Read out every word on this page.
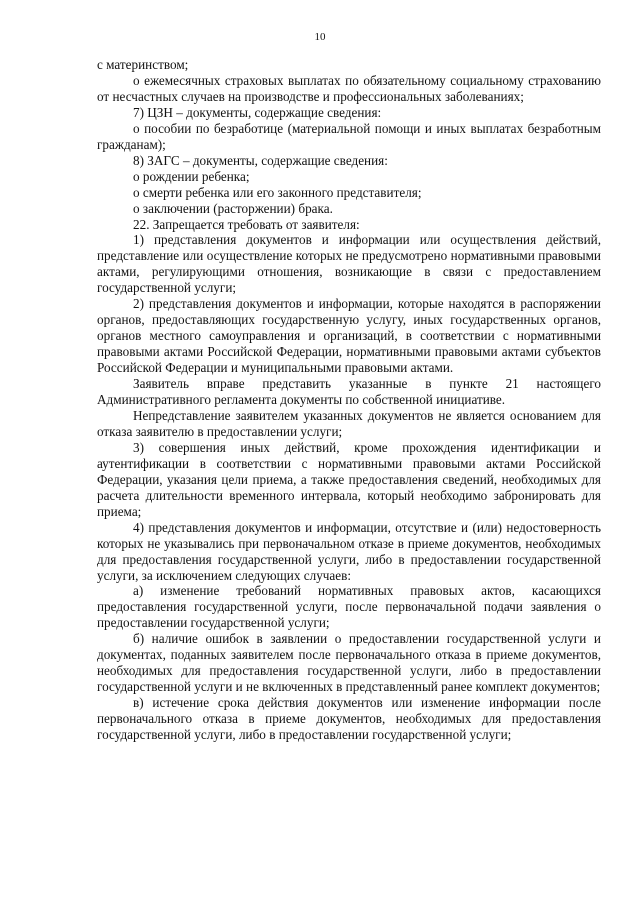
10

с материнством;

о ежемесячных страховых выплатах по обязательному социальному страхованию от несчастных случаев на производстве и профессиональных заболеваниях;

7) ЦЗН – документы, содержащие сведения:

о пособии по безработице (материальной помощи и иных выплатах безработным гражданам);

8) ЗАГС – документы, содержащие сведения:

о рождении ребенка;

о смерти ребенка или его законного представителя;

о заключении (расторжении) брака.

22. Запрещается требовать от заявителя:

1) представления документов и информации или осуществления действий, представление или осуществление которых не предусмотрено нормативными правовыми актами, регулирующими отношения, возникающие в связи с предоставлением государственной услуги;

2) представления документов и информации, которые находятся в распоряжении органов, предоставляющих государственную услугу, иных государственных органов, органов местного самоуправления и организаций, в соответствии с нормативными правовыми актами Российской Федерации, нормативными правовыми актами субъектов Российской Федерации и муниципальными правовыми актами.

Заявитель вправе представить указанные в пункте 21 настоящего Административного регламента документы по собственной инициативе.

Непредставление заявителем указанных документов не является основанием для отказа заявителю в предоставлении услуги;

3) совершения иных действий, кроме прохождения идентификации и аутентификации в соответствии с нормативными правовыми актами Российской Федерации, указания цели приема, а также предоставления сведений, необходимых для расчета длительности временного интервала, который необходимо забронировать для приема;

4) представления документов и информации, отсутствие и (или) недостоверность которых не указывались при первоначальном отказе в приеме документов, необходимых для предоставления государственной услуги, либо в предоставлении государственной услуги, за исключением следующих случаев:

а) изменение требований нормативных правовых актов, касающихся предоставления государственной услуги, после первоначальной подачи заявления о предоставлении государственной услуги;

б) наличие ошибок в заявлении о предоставлении государственной услуги и документах, поданных заявителем после первоначального отказа в приеме документов, необходимых для предоставления государственной услуги, либо в предоставлении государственной услуги и не включенных в представленный ранее комплект документов;

в) истечение срока действия документов или изменение информации после первоначального отказа в приеме документов, необходимых для предоставления государственной услуги, либо в предоставлении государственной услуги;
